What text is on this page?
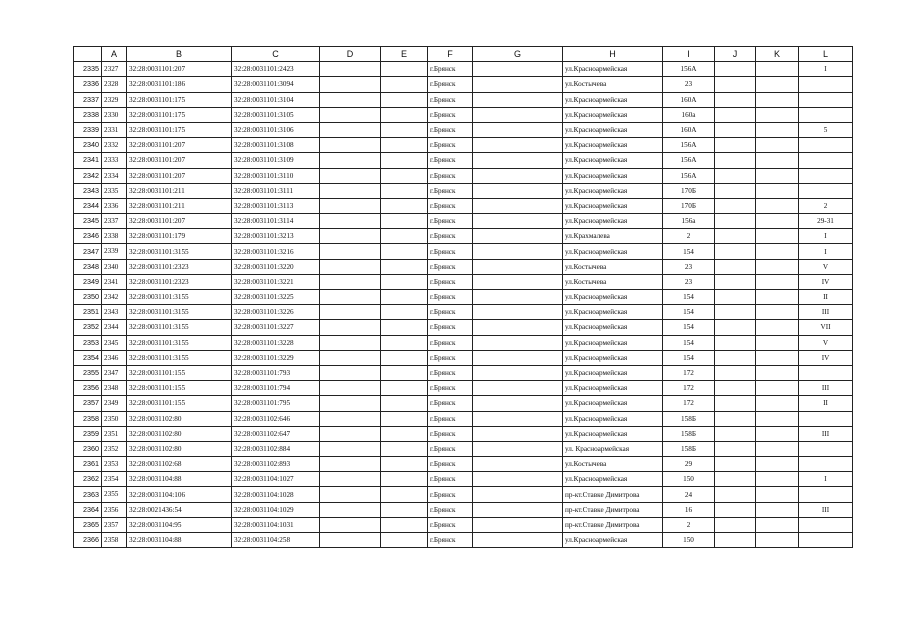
	A	B	C	D	E	F	G	H	I	J	K	L
2335	2327	32:28:0031101:207	32:28:0031101:2423			г.Брянск		ул.Красноармейская	156А			I
2336	2328	32:28:0031101:186	32:28:0031101:3094			г.Брянск		ул.Костычева	23			
2337	2329	32:28:0031101:175	32:28:0031101:3104			г.Брянск		ул.Красноармейская	160А			
2338	2330	32:28:0031101:175	32:28:0031101:3105			г.Брянск		ул.Красноармейская	160а			
2339	2331	32:28:0031101:175	32:28:0031101:3106			г.Брянск		ул.Красноармейская	160А			5
2340	2332	32:28:0031101:207	32:28:0031101:3108			г.Брянск		ул.Красноармейская	156А			
2341	2333	32:28:0031101:207	32:28:0031101:3109			г.Брянск		ул.Красноармейская	156А			
2342	2334	32:28:0031101:207	32:28:0031101:3110			г.Брянск		ул.Красноармейская	156А			
2343	2335	32:28:0031101:211	32:28:0031101:3111			г.Брянск		ул.Красноармейская	170Б			
2344	2336	32:28:0031101:211	32:28:0031101:3113			г.Брянск		ул.Красноармейская	170Б			2
2345	2337	32:28:0031101:207	32:28:0031101:3114			г.Брянск		ул.Красноармейская	156а			29-31
2346	2338	32:28:0031101:179	32:28:0031101:3213			г.Брянск		ул.Крахмалева	2			I
2347	2339	32:28:0031101:3155	32:28:0031101:3216			г.Брянск		ул.Красноармейская	154			I
2348	2340	32:28:0031101:2323	32:28:0031101:3220			г.Брянск		ул.Костычева	23			V
2349	2341	32:28:0031101:2323	32:28:0031101:3221			г.Брянск		ул.Костычева	23			IV
2350	2342	32:28:0031101:3155	32:28:0031101:3225			г.Брянск		ул.Красноармейская	154			II
2351	2343	32:28:0031101:3155	32:28:0031101:3226			г.Брянск		ул.Красноармейская	154			III
2352	2344	32:28:0031101:3155	32:28:0031101:3227			г.Брянск		ул.Красноармейская	154			VII
2353	2345	32:28:0031101:3155	32:28:0031101:3228			г.Брянск		ул.Красноармейская	154			V
2354	2346	32:28:0031101:3155	32:28:0031101:3229			г.Брянск		ул.Красноармейская	154			IV
2355	2347	32:28:0031101:155	32:28:0031101:793			г.Брянск		ул.Красноармейская	172			
2356	2348	32:28:0031101:155	32:28:0031101:794			г.Брянск		ул.Красноармейская	172			III
2357	2349	32:28:0031101:155	32:28:0031101:795			г.Брянск		ул.Красноармейская	172			II
2358	2350	32:28:0031102:80	32:28:0031102:646			г.Брянск		ул.Красноармейская	158Б			
2359	2351	32:28:0031102:80	32:28:0031102:647			г.Брянск		ул.Красноармейская	158Б			III
2360	2352	32:28:0031102:80	32:28:0031102:884			г.Брянск		ул. Красноармейская	158Б			
2361	2353	32:28:0031102:68	32:28:0031102:893			г.Брянск		ул.Костычева	29			
2362	2354	32:28:0031104:88	32:28:0031104:1027			г.Брянск		ул.Красноармейская	150			I
2363	2355	32:28:0031104:106	32:28:0031104:1028			г.Брянск		пр-кт.Ставке Димитрова	24			
2364	2356	32:28:0021436:54	32:28:0031104:1029			г.Брянск		пр-кт.Ставке Димитрова	16			III
2365	2357	32:28:0031104:95	32:28:0031104:1031			г.Брянск		пр-кт.Ставке Димитрова	2			
2366	2358	32:28:0031104:88	32:28:0031104:258			г.Брянск		ул.Красноармейская	150			
